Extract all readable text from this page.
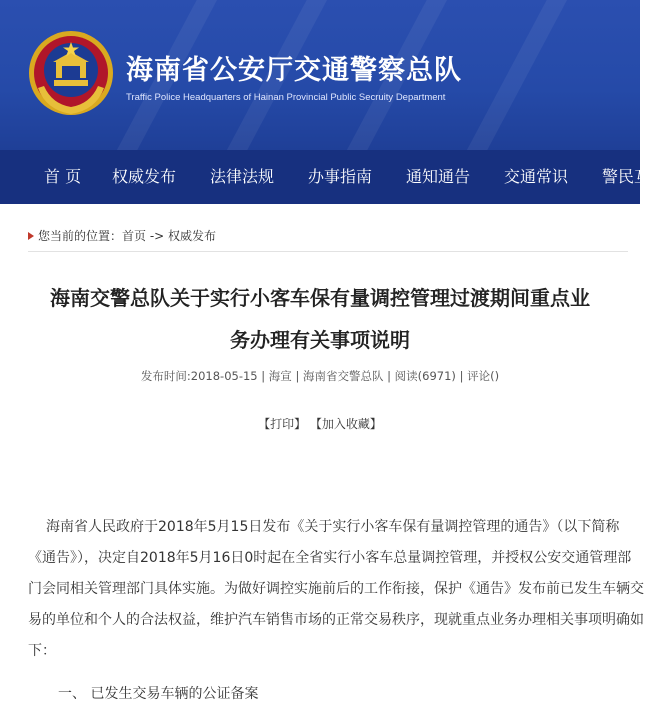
海南省公安厅交通警察总队
Traffic Police Headquarters of Hainan Provincial Public Secruity Department
首 页 权威发布 法律法规 办事指南 通知通告 交通常识 警民互
您当前的位置：首页 -> 权威发布
海南交警总队关于实行小客车保有量调控管理过渡期间重点业
务办理有关事项说明
发布时间:2018-05-15 | 海宣 | 海南省交警总队 | 阅读(6971) | 评论()
【打印】 【加入收藏】
海南省人民政府于2018年5月15日发布《关于实行小客车保有量调控管理的通告》（以下简称
《通告》），决定自2018年5月16日0时起在全省实行小客车总量调控管理，并授权公安交通管理部
门会同相关管理部门具体实施。为做好调控实施前后的工作衔接，保护《通告》发布前已发生车辆交
易的单位和个人的合法权益，维护汽车销售市场的正常交易秩序，现就重点业务办理相关事项明确如
下：
一、 已发生交易车辆的公证备案
